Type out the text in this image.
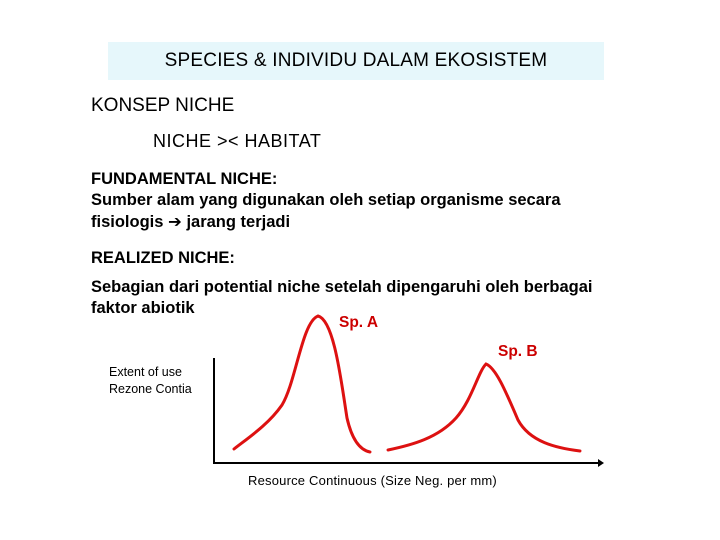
SPECIES & INDIVIDU DALAM EKOSISTEM
KONSEP NICHE
NICHE >< HABITAT
FUNDAMENTAL NICHE:
Sumber alam yang digunakan oleh setiap organisme secara
fisiologis ➔ jarang terjadi
REALIZED NICHE:
Sebagian dari potential niche setelah dipengaruhi oleh berbagai
faktor abiotik
Sp. A
Sp. B
Extent of use
Rezone Contia
Resource Continuous (Size Neg. per mm)
